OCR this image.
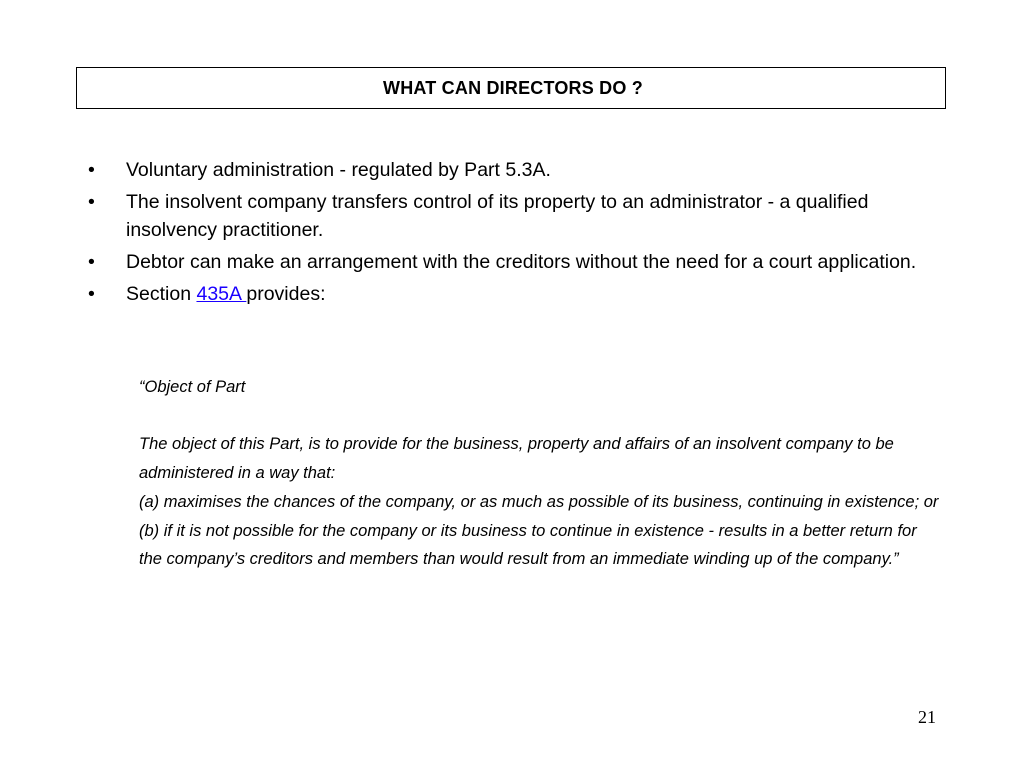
WHAT CAN DIRECTORS DO ?
• Voluntary administration - regulated by Part 5.3A.
• The insolvent company transfers control of its property to an administrator - a qualified insolvency practitioner.
• Debtor can make an arrangement with the creditors without the need for a court application.
• Section 435A provides:

“Object of Part

The object of this Part, is to provide for the business, property and affairs of an insolvent company to be administered in a way that:

(a) maximises the chances of the company, or as much as possible of its business, continuing in existence; or

(b) if it is not possible for the company or its business to continue in existence - results in a better return for the company’s creditors and members than would result from an immediate winding up of the company.”

21
